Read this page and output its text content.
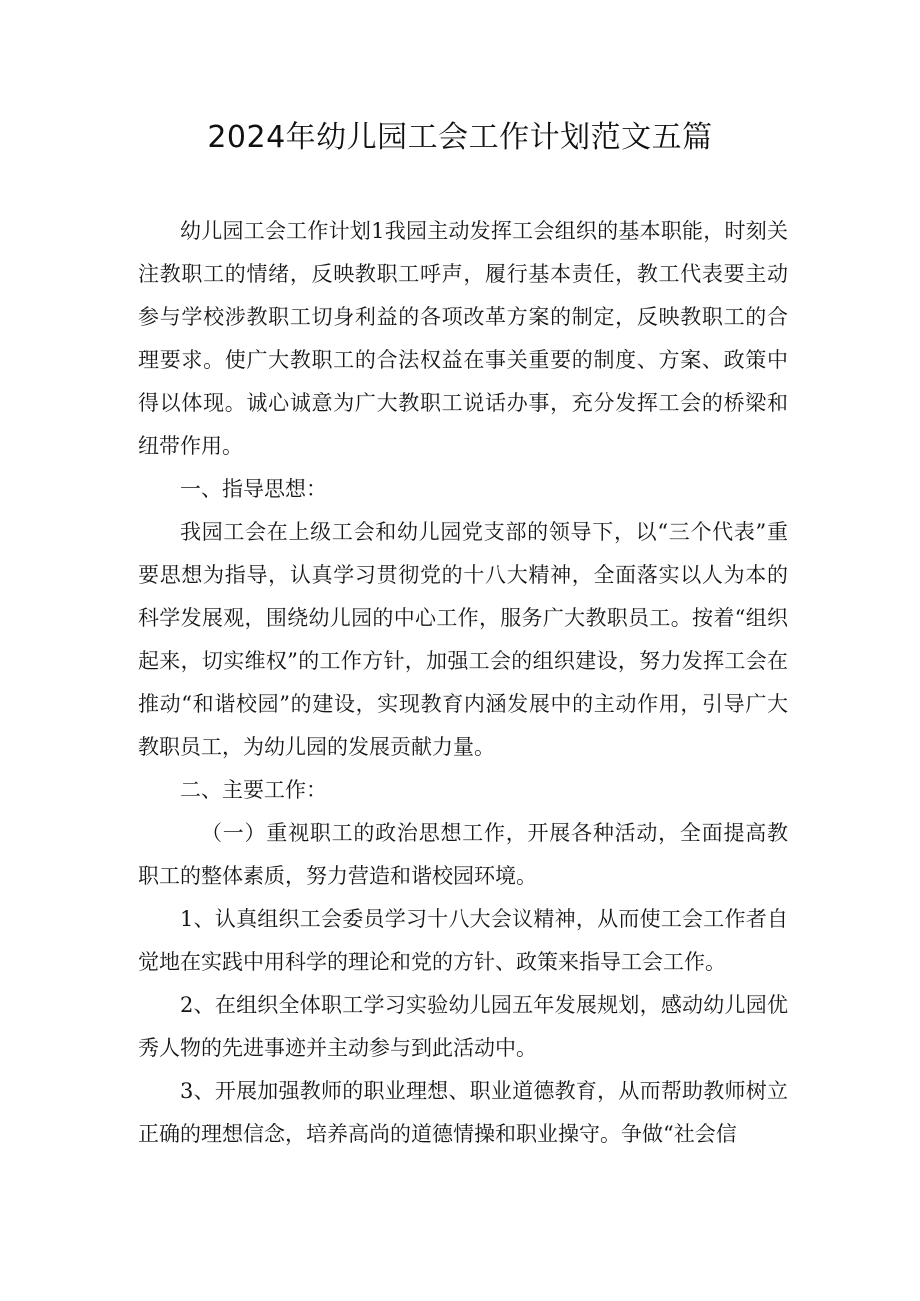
2024年幼儿园工会工作计划范文五篇

幼儿园工会工作计划1我园主动发挥工会组织的基本职能，时刻关注教职工的情绪，反映教职工呼声，履行基本责任，教工代表要主动参与学校涉教职工切身利益的各项改革方案的制定，反映教职工的合理要求。使广大教职工的合法权益在事关重要的制度、方案、政策中得以体现。诚心诚意为广大教职工说话办事，充分发挥工会的桥梁和纽带作用。

一、指导思想：

我园工会在上级工会和幼儿园党支部的领导下，以“三个代表”重要思想为指导，认真学习贯彻党的十八大精神，全面落实以人为本的科学发展观，围绕幼儿园的中心工作，服务广大教职员工。按着“组织起来，切实维权”的工作方针，加强工会的组织建设，努力发挥工会在推动“和谐校园”的建设，实现教育内涵发展中的主动作用，引导广大教职员工，为幼儿园的发展贡献力量。

二、主要工作：

（一）重视职工的政治思想工作，开展各种活动，全面提高教职工的整体素质，努力营造和谐校园环境。

1、认真组织工会委员学习十八大会议精神，从而使工会工作者自觉地在实践中用科学的理论和党的方针、政策来指导工会工作。

2、在组织全体职工学习实验幼儿园五年发展规划，感动幼儿园优秀人物的先进事迹并主动参与到此活动中。

3、开展加强教师的职业理想、职业道德教育，从而帮助教师树立正确的理想信念，培养高尚的道德情操和职业操守。争做“社会信
